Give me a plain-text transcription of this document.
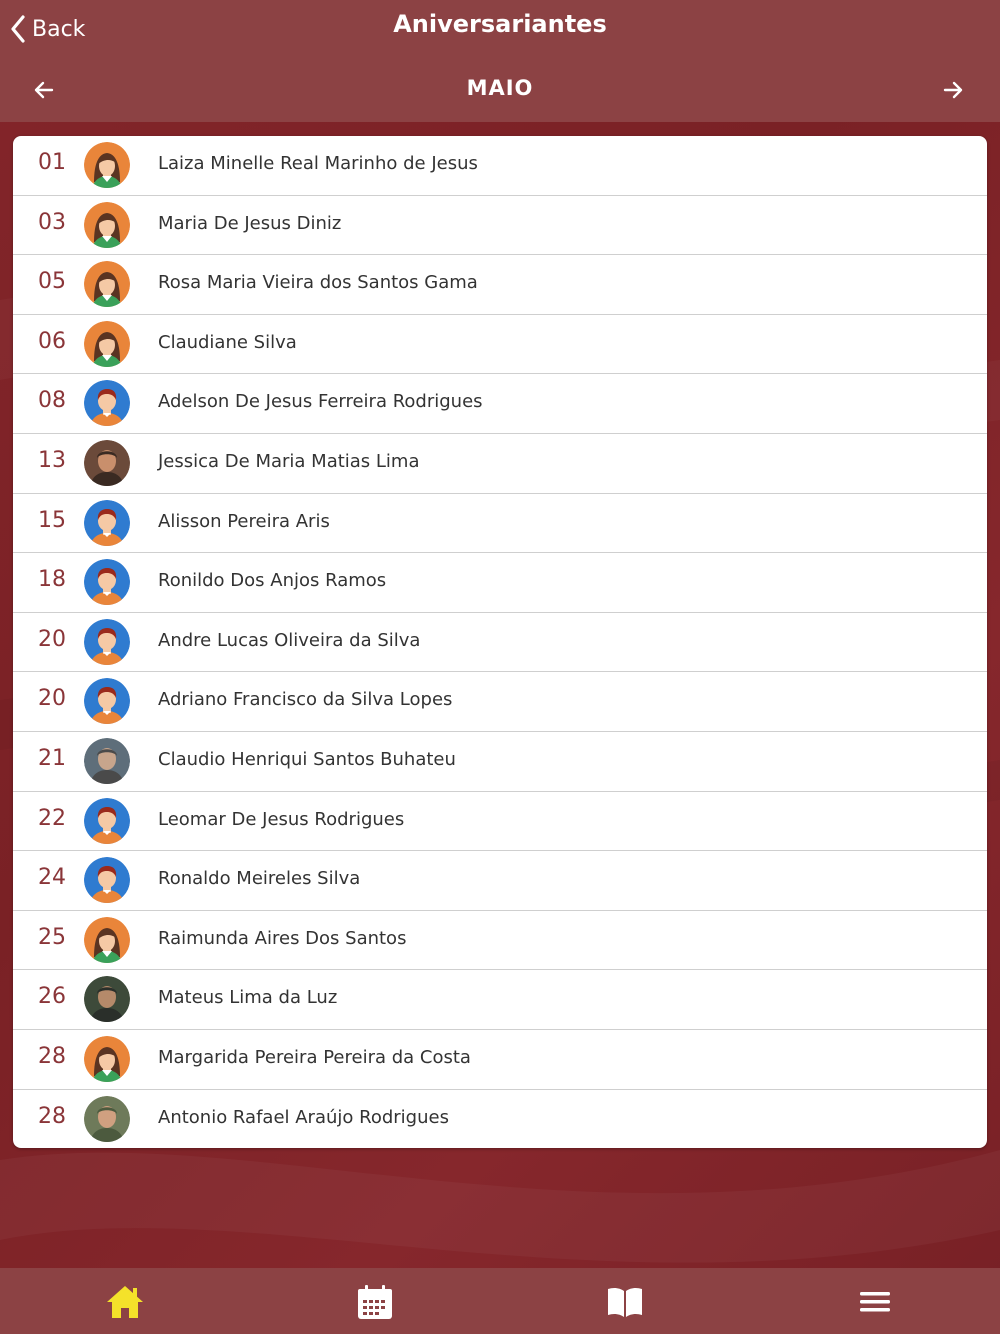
Back	Aniversariantes
MAIO
01	Laiza Minelle Real Marinho de Jesus
03	Maria De Jesus Diniz
05	Rosa Maria Vieira dos Santos Gama
06	Claudiane Silva
08	Adelson De Jesus Ferreira Rodrigues
13	Jessica De Maria Matias Lima
15	Alisson Pereira Aris
18	Ronildo Dos Anjos Ramos
20	Andre Lucas Oliveira da Silva
20	Adriano Francisco da Silva Lopes
21	Claudio Henriqui Santos Buhateu
22	Leomar De Jesus Rodrigues
24	Ronaldo Meireles Silva
25	Raimunda Aires Dos Santos
26	Mateus Lima da Luz
28	Margarida Pereira Pereira da Costa
28	Antonio Rafael Araújo Rodrigues
